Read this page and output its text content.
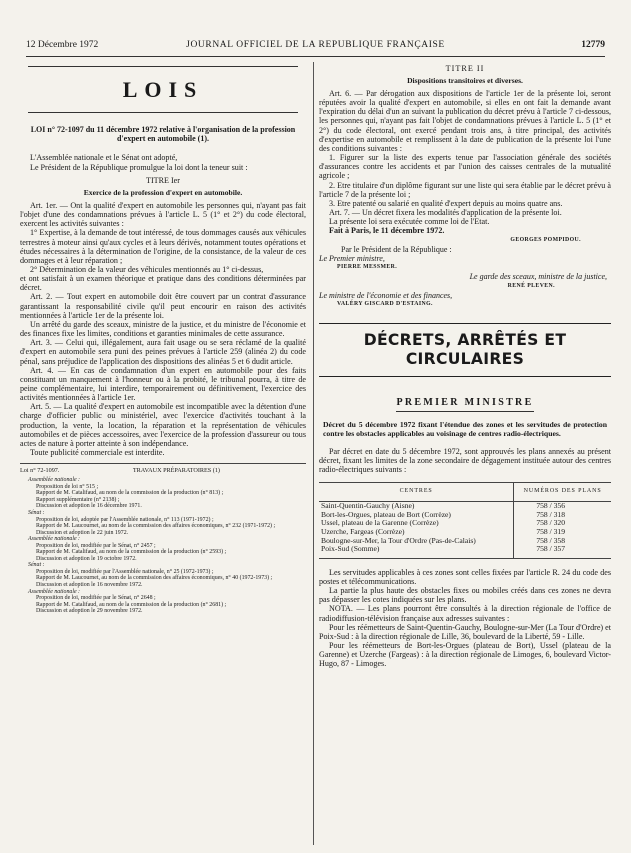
12 Décembre 1972	JOURNAL OFFICIEL DE LA REPUBLIQUE FRANÇAISE	12779
LOIS
LOI n° 72-1097 du 11 décembre 1972 relative à l'organisation de la profession d'expert en automobile (1).

L'Assemblée nationale et le Sénat ont adopté,

Le Président de la République promulgue la loi dont la teneur suit :

TITRE Ier

Exercice de la profession d'expert en automobile.

Art. 1er. — Ont la qualité d'expert en automobile les personnes qui, n'ayant pas fait l'objet d'une des condamnations prévues à l'article L. 5 (1° et 2°) du code électoral, exercent les activités suivantes :

1° Expertise, à la demande de tout intéressé, de tous dommages causés aux véhicules terrestres à moteur ainsi qu'aux cycles et à leurs dérivés, notamment toutes opérations et études nécessaires à la détermination de l'origine, de la consistance, de la valeur de ces dommages et à leur réparation ;

2° Détermination de la valeur des véhicules mentionnés au 1° ci-dessus,

et ont satisfait à un examen théorique et pratique dans des conditions déterminées par décret.

Art. 2. — Tout expert en automobile doit être couvert par un contrat d'assurance garantissant la responsabilité civile qu'il peut encourir en raison des activités mentionnées à l'article 1er de la présente loi.

Un arrêté du garde des sceaux, ministre de la justice, et du ministre de l'économie et des finances fixe les limites, conditions et garanties minimales de cette assurance.

Art. 3. — Celui qui, illégalement, aura fait usage ou se sera réclamé de la qualité d'expert en automobile sera puni des peines prévues à l'article 259 (alinéa 2) du code pénal, sans préjudice de l'application des dispositions des alinéas 5 et 6 dudit article.

Art. 4. — En cas de condamnation d'un expert en automobile pour des faits constituant un manquement à l'honneur ou à la probité, le tribunal pourra, à titre de peine complémentaire, lui interdire, temporairement ou définitivement, l'exercice des activités mentionnées à l'article 1er.

Art. 5. — La qualité d'expert en automobile est incompatible avec la détention d'une charge d'officier public ou ministériel, avec l'exercice d'activités touchant à la production, la vente, la location, la réparation et la représentation de véhicules automobiles et de pièces accessoires, avec l'exercice de la profession d'assureur ou tous actes de nature à porter atteinte à son indépendance.

Toute publicité commerciale est interdite.

Loi n° 72-1097.	TRAVAUX PRÉPARATOIRES (1)

Assemblée nationale :

Proposition de loi n° 515 ;

Rapport de M. Catalifaud, au nom de la commission de la production (n° 813) ;

Rapport supplémentaire (n° 2138) ;

Discussion et adoption le 16 décembre 1971.

Sénat :

Proposition de loi, adoptée par l'Assemblée nationale, n° 113 (1971-1972) ;

Rapport de M. Laucournet, au nom de la commission des affaires économiques, n° 232 (1971-1972) ;

Discussion et adoption le 22 juin 1972.

Assemblée nationale :

Proposition de loi, modifiée par le Sénat, n° 2457 ;

Rapport de M. Catalifaud, au nom de la commission de la production (n° 2593) ;

Discussion et adoption le 19 octobre 1972.

Sénat :

Proposition de loi, modifiée par l'Assemblée nationale, n° 25 (1972-1973) ;

Rapport de M. Laucournet, au nom de la commission des affaires économiques, n° 40 (1972-1973) ;

Discussion et adoption le 16 novembre 1972.

Assemblée nationale :

Proposition de loi, modifiée par le Sénat, n° 2648 ;

Rapport de M. Catalifaud, au nom de la commission de la production (n° 2681) ;

Discussion et adoption le 29 novembre 1972.

TITRE II
Dispositions transitoires et diverses.

Art. 6. — Par dérogation aux dispositions de l'article 1er de la présente loi, seront réputées avoir la qualité d'expert en automobile, si elles en ont fait la demande avant l'expiration du délai d'un an suivant la publication du décret prévu à l'article 7 ci-dessous, les personnes qui, n'ayant pas fait l'objet de condamnations prévues à l'article L. 5 (1° et 2°) du code électoral, ont exercé pendant trois ans, à titre principal, des activités d'expertise en automobile et remplissent à la date de publication de la présente loi l'une des conditions suivantes :

1. Figurer sur la liste des experts tenue par l'association générale des sociétés d'assurances contre les accidents et par l'union des caisses centrales de la mutualité agricole ;

2. Etre titulaire d'un diplôme figurant sur une liste qui sera établie par le décret prévu à l'article 7 de la présente loi ;

3. Etre patenté ou salarié en qualité d'expert depuis au moins quatre ans.

Art. 7. — Un décret fixera les modalités d'application de la présente loi.

La présente loi sera exécutée comme loi de l'Etat.

Fait à Paris, le 11 décembre 1972.

GEORGES POMPIDOU.
Par le Président de la République :
Le Premier ministre,
PIERRE MESSMER.
Le garde des sceaux, ministre de la justice,
RENÉ PLEVEN.
Le ministre de l'économie et des finances,
VALÉRY GISCARD D'ESTAING.
DÉCRETS, ARRÊTÉS ET CIRCULAIRES
PREMIER MINISTRE
Décret du 5 décembre 1972 fixant l'étendue des zones et les servitudes de protection contre les obstacles applicables au voisinage de centres radio-électriques.

Par décret en date du 5 décembre 1972, sont approuvés les plans annexés au présent décret, fixant les limites de la zone secondaire de dégagement instituée autour des centres radio-électriques suivants :

CENTRES	NUMÉROS DES PLANS
Saint-Quentin-Gauchy (Aisne)	758 / 356
Bort-les-Orgues, plateau de Bort (Corrèze)	758 / 318
Ussel, plateau de la Garenne (Corrèze)	758 / 320
Uzerche, Fargeas (Corrèze)	758 / 319
Boulogne-sur-Mer, la Tour d'Ordre (Pas-de-Calais)	758 / 358
Poix-Sud (Somme)	758 / 357

Les servitudes applicables à ces zones sont celles fixées par l'article R. 24 du code des postes et télécommunications.

La partie la plus haute des obstacles fixes ou mobiles créés dans ces zones ne devra pas dépasser les cotes indiquées sur les plans.

NOTA. — Les plans pourront être consultés à la direction régionale de l'office de radiodiffusion-télévision française aux adresses suivantes :

Pour les réémetteurs de Saint-Quentin-Gauchy, Boulogne-sur-Mer (La Tour d'Ordre) et Poix-Sud : à la direction régionale de Lille, 36, boulevard de la Liberté, 59 - Lille.

Pour les réémetteurs de Bort-les-Orgues (plateau de Bort), Ussel (plateau de la Garenne) et Uzerche (Fargeas) : à la direction régionale de Limoges, 6, boulevard Victor-Hugo, 87 - Limoges.
